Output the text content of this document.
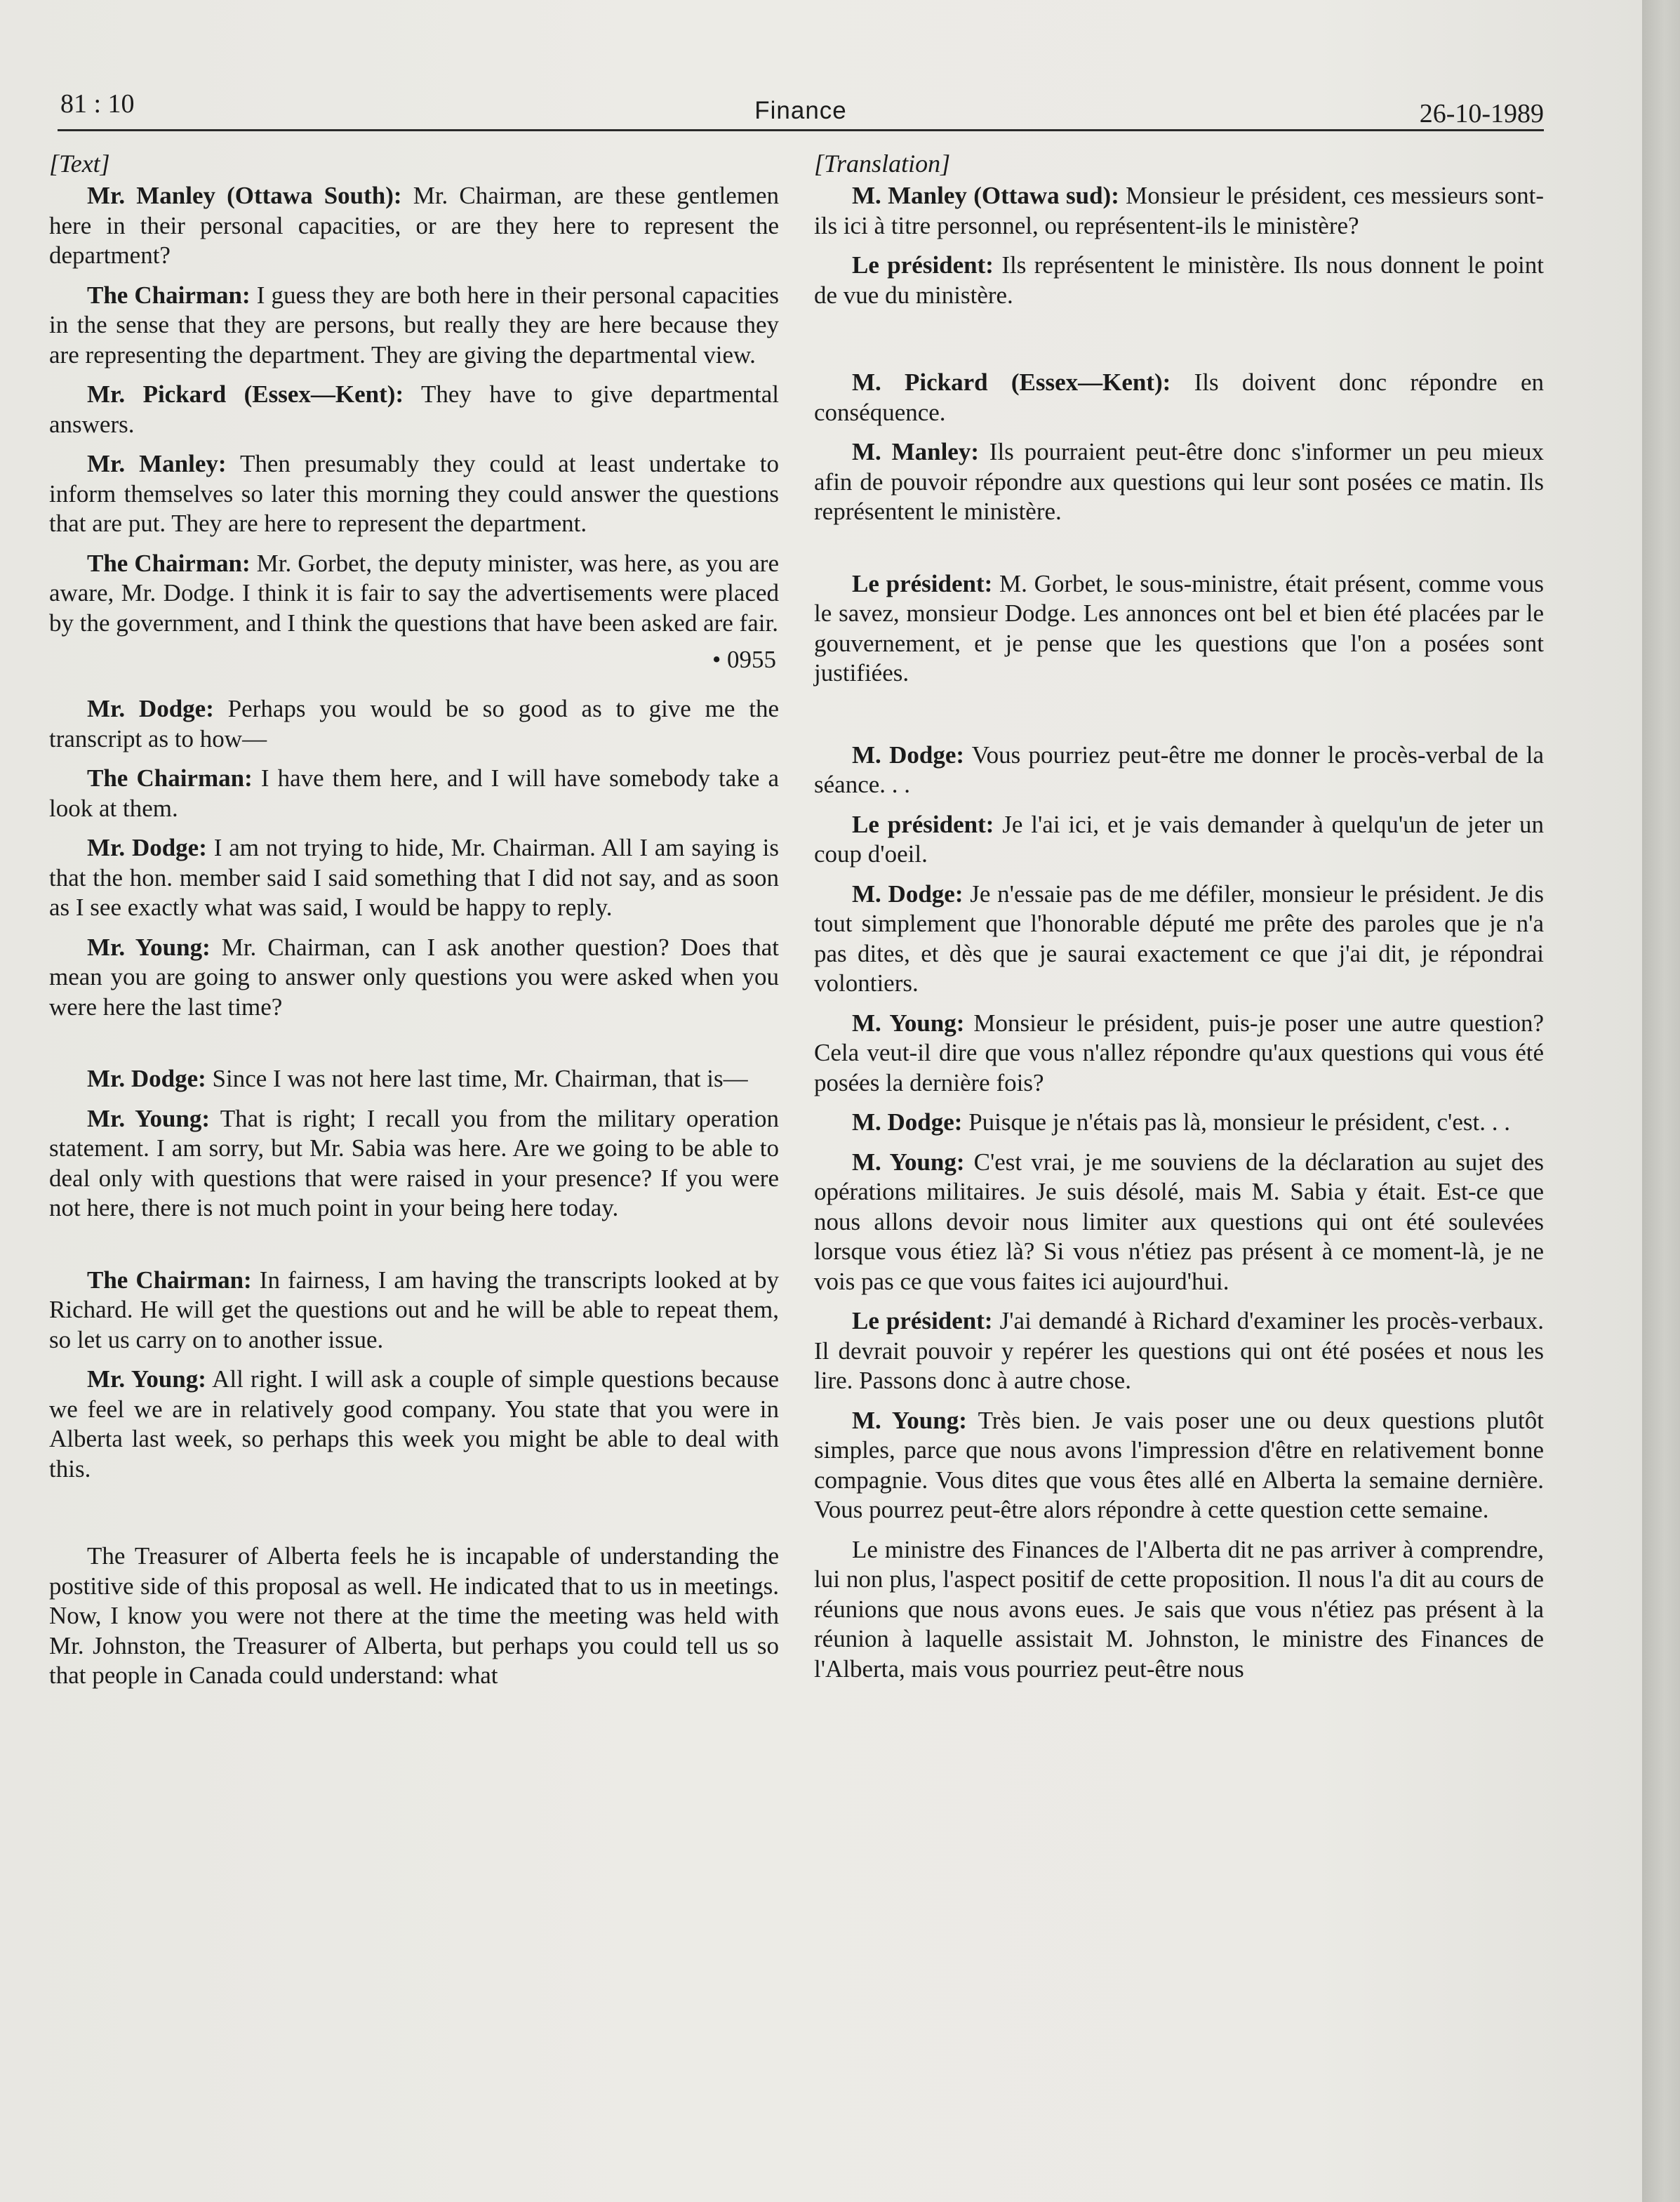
81 : 10	Finance	26-10-1989
[Text]

Mr. Manley (Ottawa South): Mr. Chairman, are these gentlemen here in their personal capacities, or are they here to represent the department?

The Chairman: I guess they are both here in their personal capacities in the sense that they are persons, but really they are here because they are representing the department. They are giving the departmental view.

Mr. Pickard (Essex—Kent): They have to give departmental answers.

Mr. Manley: Then presumably they could at least undertake to inform themselves so later this morning they could answer the questions that are put. They are here to represent the department.

The Chairman: Mr. Gorbet, the deputy minister, was here, as you are aware, Mr. Dodge. I think it is fair to say the advertisements were placed by the government, and I think the questions that have been asked are fair.

• 0955

Mr. Dodge: Perhaps you would be so good as to give me the transcript as to how—

The Chairman: I have them here, and I will have somebody take a look at them.

Mr. Dodge: I am not trying to hide, Mr. Chairman. All I am saying is that the hon. member said I said something that I did not say, and as soon as I see exactly what was said, I would be happy to reply.

Mr. Young: Mr. Chairman, can I ask another question? Does that mean you are going to answer only questions you were asked when you were here the last time?

Mr. Dodge: Since I was not here last time, Mr. Chairman, that is—

Mr. Young: That is right; I recall you from the military operation statement. I am sorry, but Mr. Sabia was here. Are we going to be able to deal only with questions that were raised in your presence? If you were not here, there is not much point in your being here today.

The Chairman: In fairness, I am having the transcripts looked at by Richard. He will get the questions out and he will be able to repeat them, so let us carry on to another issue.

Mr. Young: All right. I will ask a couple of simple questions because we feel we are in relatively good company. You state that you were in Alberta last week, so perhaps this week you might be able to deal with this.

The Treasurer of Alberta feels he is incapable of understanding the postitive side of this proposal as well. He indicated that to us in meetings. Now, I know you were not there at the time the meeting was held with Mr. Johnston, the Treasurer of Alberta, but perhaps you could tell us so that people in Canada could understand: what

[Translation]

M. Manley (Ottawa sud): Monsieur le président, ces messieurs sont-ils ici à titre personnel, ou représentent-ils le ministère?

Le président: Ils représentent le ministère. Ils nous donnent le point de vue du ministère.

M. Pickard (Essex—Kent): Ils doivent donc répondre en conséquence.

M. Manley: Ils pourraient peut-être donc s'informer un peu mieux afin de pouvoir répondre aux questions qui leur sont posées ce matin. Ils représentent le ministère.

Le président: M. Gorbet, le sous-ministre, était présent, comme vous le savez, monsieur Dodge. Les annonces ont bel et bien été placées par le gouvernement, et je pense que les questions que l'on a posées sont justifiées.

M. Dodge: Vous pourriez peut-être me donner le procès-verbal de la séance. . .

Le président: Je l'ai ici, et je vais demander à quelqu'un de jeter un coup d'oeil.

M. Dodge: Je n'essaie pas de me défiler, monsieur le président. Je dis tout simplement que l'honorable député me prête des paroles que je n'a pas dites, et dès que je saurai exactement ce que j'ai dit, je répondrai volontiers.

M. Young: Monsieur le président, puis-je poser une autre question? Cela veut-il dire que vous n'allez répondre qu'aux questions qui vous été posées la dernière fois?

M. Dodge: Puisque je n'étais pas là, monsieur le président, c'est. . .

M. Young: C'est vrai, je me souviens de la déclaration au sujet des opérations militaires. Je suis désolé, mais M. Sabia y était. Est-ce que nous allons devoir nous limiter aux questions qui ont été soulevées lorsque vous étiez là? Si vous n'étiez pas présent à ce moment-là, je ne vois pas ce que vous faites ici aujourd'hui.

Le président: J'ai demandé à Richard d'examiner les procès-verbaux. Il devrait pouvoir y repérer les questions qui ont été posées et nous les lire. Passons donc à autre chose.

M. Young: Très bien. Je vais poser une ou deux questions plutôt simples, parce que nous avons l'impression d'être en relativement bonne compagnie. Vous dites que vous êtes allé en Alberta la semaine dernière. Vous pourrez peut-être alors répondre à cette question cette semaine.

Le ministre des Finances de l'Alberta dit ne pas arriver à comprendre, lui non plus, l'aspect positif de cette proposition. Il nous l'a dit au cours de réunions que nous avons eues. Je sais que vous n'étiez pas présent à la réunion à laquelle assistait M. Johnston, le ministre des Finances de l'Alberta, mais vous pourriez peut-être nous
